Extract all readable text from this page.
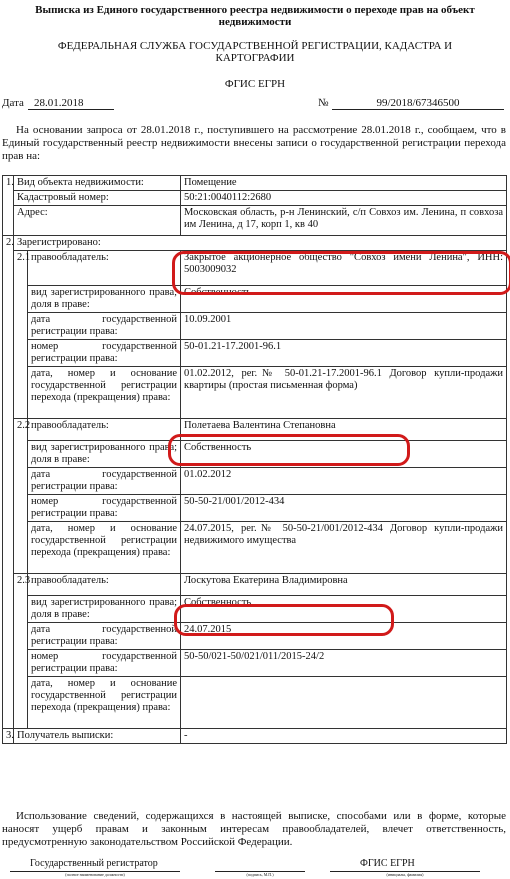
Выписка из Единого государственного реестра недвижимости о переходе прав на объект недвижимости
ФЕДЕРАЛЬНАЯ СЛУЖБА ГОСУДАРСТВЕННОЙ РЕГИСТРАЦИИ, КАДАСТРА И КАРТОГРАФИИ
ФГИС ЕГРН
Дата 28.01.2018	№	99/2018/67346500
На основании запроса от 28.01.2018 г., поступившего на рассмотрение 28.01.2018 г., сообщаем, что в Единый государственный реестр недвижимости внесены записи о государственной регистрации перехода прав на:
1.	Вид объекта недвижимости:		Помещение
	Кадастровый номер:		50:21:0040112:2680
	Адрес:		Московская область, р-н Ленинский, с/п Совхоз им. Ленина, п совхоза им Ленина, д 17, корп 1, кв 40
2.	Зарегистрировано:		
	2.1	правообладатель:	Закрытое акционерное общество "Совхоз имени Ленина", ИНН: 5003009032
		вид зарегистрированного права; доля в праве:	Собственность
		дата государственной регистрации права:	10.09.2001
		номер государственной регистрации права:	50-01.21-17.2001-96.1
		дата, номер и основание государственной регистрации перехода (прекращения) права:	01.02.2012, рег.№ 50-01.21-17.2001-96.1 Договор купли-продажи квартиры (простая письменная форма)
	2.2	правообладатель:	Полетаева Валентина Степановна
		вид зарегистрированного права; доля в праве:	Собственность
		дата государственной регистрации права:	01.02.2012
		номер государственной регистрации права:	50-50-21/001/2012-434
		дата, номер и основание государственной регистрации перехода (прекращения) права:	24.07.2015, рег.№ 50-50-21/001/2012-434 Договор купли-продажи недвижимого имущества
	2.3	правообладатель:	Лоскутова Екатерина Владимировна
		вид зарегистрированного права; доля в праве:	Собственность
		дата государственной регистрации права:	24.07.2015
		номер государственной регистрации права:	50-50/021-50/021/011/2015-24/2
		дата, номер и основание государственной регистрации перехода (прекращения) права:	
3.	Получатель выписки:		-
Использование сведений, содержащихся в настоящей выписке, способами или в форме, которые наносят ущерб правам и законным интересам правообладателей, влечет ответственность, предусмотренную законодательством Российской Федерации.
Государственный регистратор
(полное наименование должности)	(подпись, М.П.)
ФГИС ЕГРН
(инициалы, фамилия)
